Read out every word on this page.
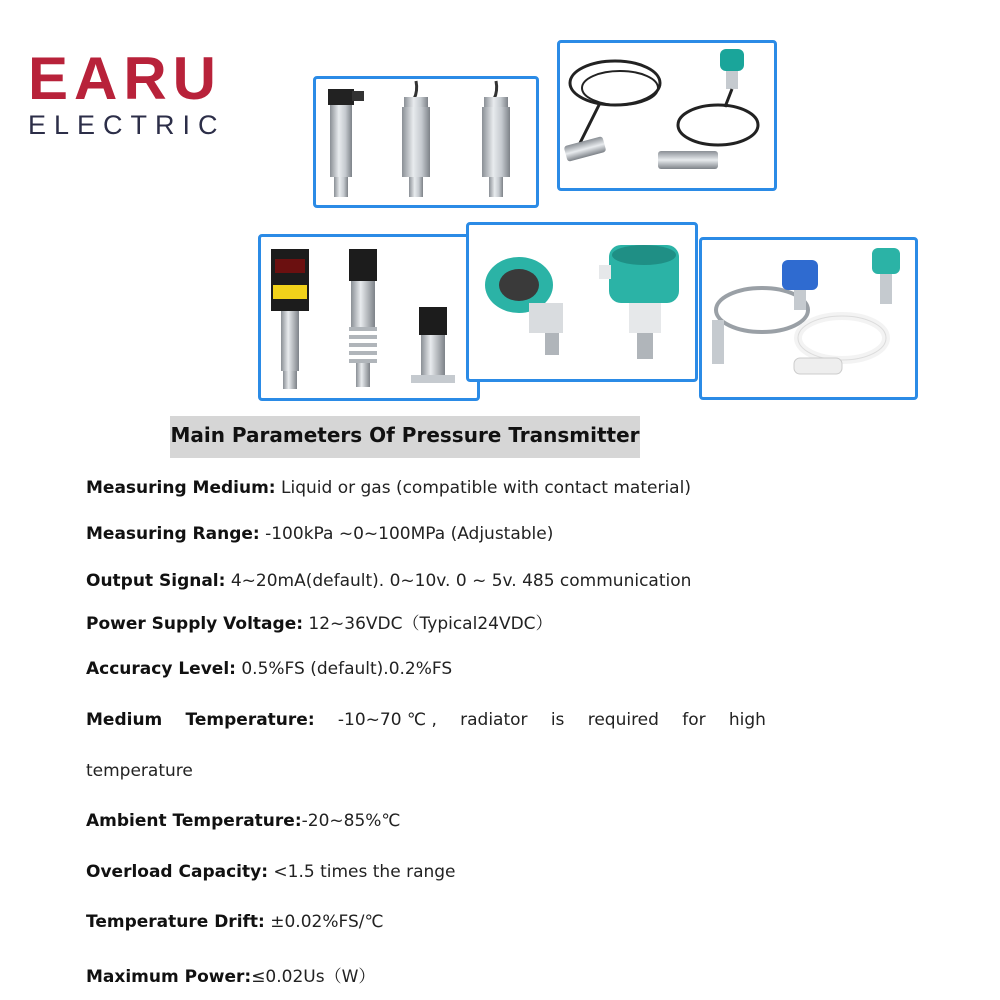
EARU
ELECTRIC
Main Parameters Of Pressure Transmitter
Measuring Medium: Liquid or gas (compatible with contact material)
Measuring Range: -100kPa ~0~100MPa (Adjustable)
Output Signal: 4~20mA(default). 0~10v. 0 ~ 5v. 485 communication
Power Supply Voltage: 12~36VDC（Typical24VDC）
Accuracy Level: 0.5%FS (default).0.2%FS
Medium Temperature: -10~70 ℃ , radiator is required for high
temperature
Ambient Temperature:-20~85%℃
Overload Capacity: <1.5 times the range
Temperature Drift: ±0.02%FS/℃
Maximum Power:≤0.02Us（W）
